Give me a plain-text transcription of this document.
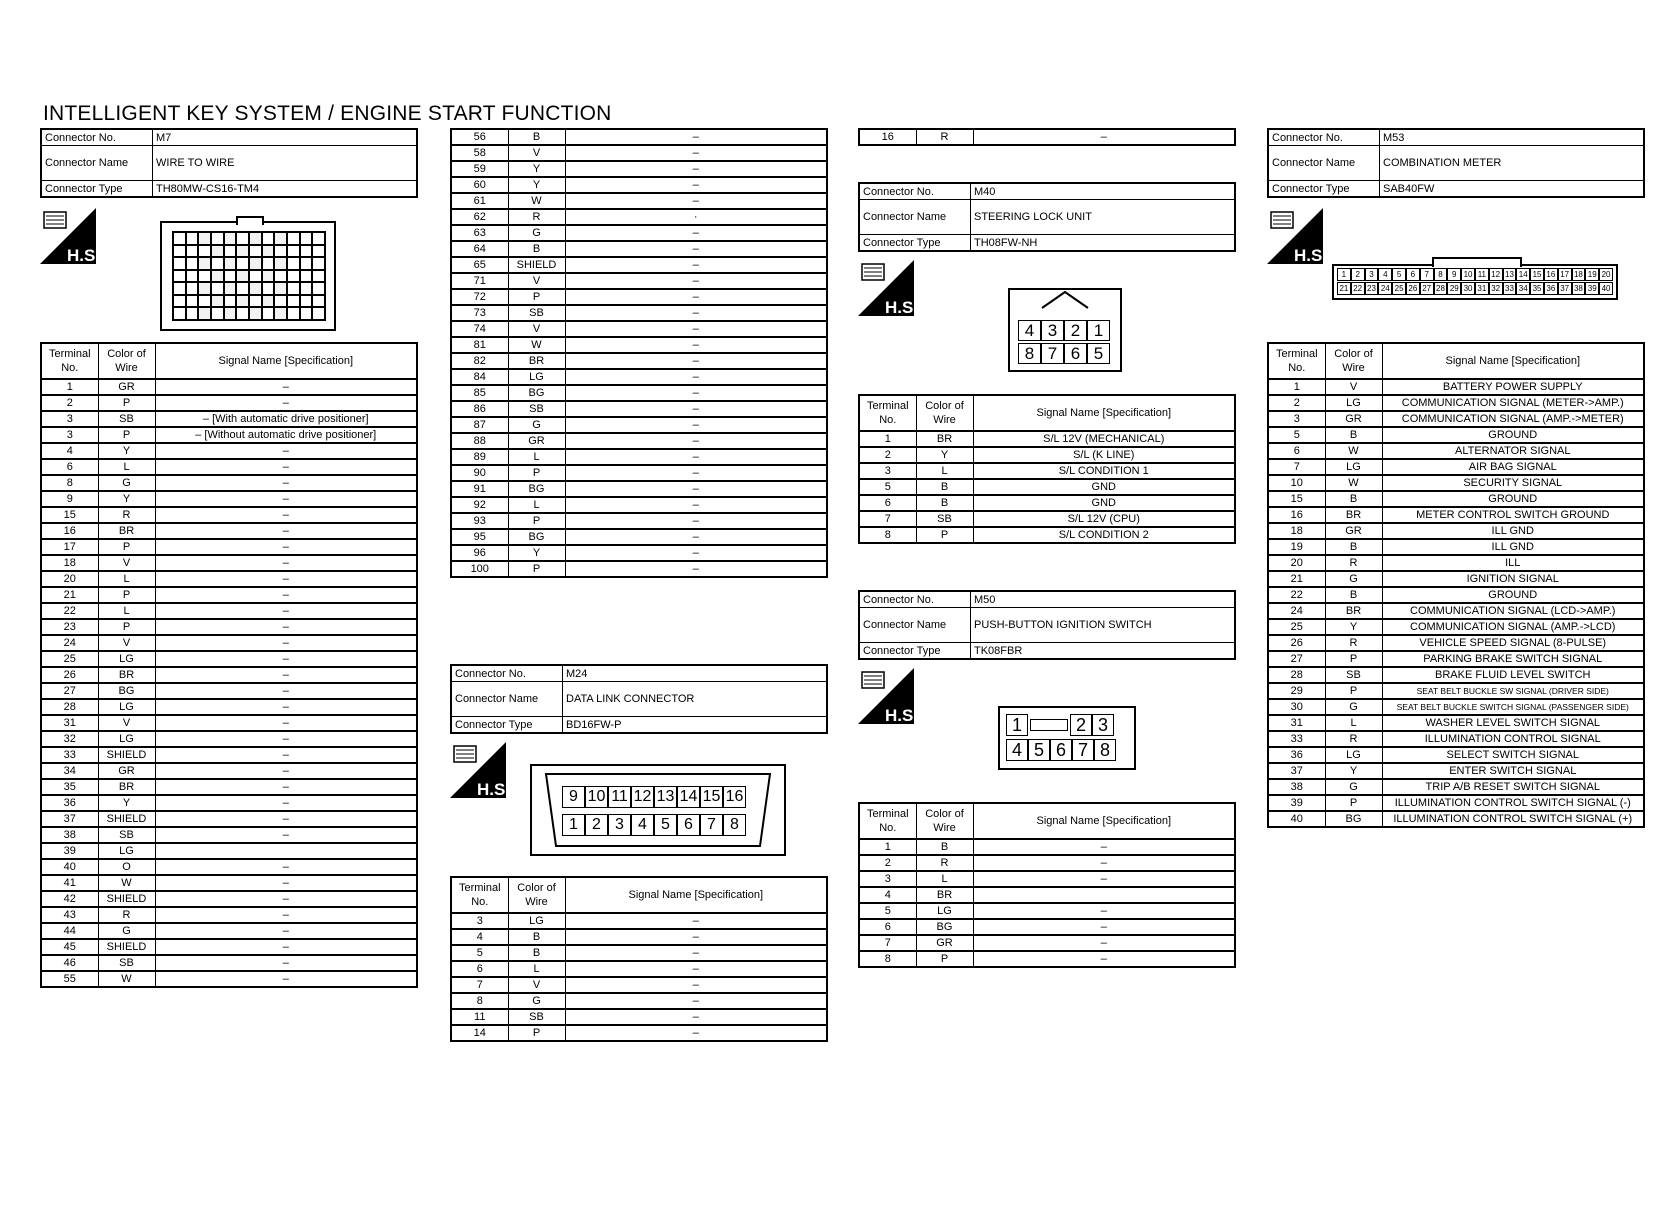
INTELLIGENT KEY SYSTEM / ENGINE START FUNCTION
Connector No.	M7
Connector Name	WIRE TO WIRE
Connector Type	TH80MW-CS16-TM4
H.S.
Terminal No.	Color of Wire	Signal Name [Specification]
1	GR	–
2	P	–
3	SB	– [With automatic drive positioner]
3	P	– [Without automatic drive positioner]
4	Y	–
6	L	–
8	G	–
9	Y	–
15	R	–
16	BR	–
17	P	–
18	V	–
20	L	–
21	P	–
22	L	–
23	P	–
24	V	–
25	LG	–
26	BR	–
27	BG	–
28	LG	–
31	V	–
32	LG	–
33	SHIELD	–
34	GR	–
35	BR	–
36	Y	–
37	SHIELD	–
38	SB	–
39	LG	
40	O	–
41	W	–
42	SHIELD	–
43	R	–
44	G	–
45	SHIELD	–
46	SB	–
55	W	–
56	B	–
58	V	–
59	Y	–
60	Y	–
61	W	–
62	R	·
63	G	–
64	B	–
65	SHIELD	–
71	V	–
72	P	–
73	SB	–
74	V	–
81	W	–
82	BR	–
84	LG	–
85	BG	–
86	SB	–
87	G	–
88	GR	–
89	L	–
90	P	–
91	BG	–
92	L	–
93	P	–
95	BG	–
96	Y	–
100	P	–
Connector No.	M24
Connector Name	DATA LINK CONNECTOR
Connector Type	BD16FW-P
H.S.	9 10 11 12 13 14 15 16
1 2 3 4 5 6 7 8
Terminal No.	Color of Wire	Signal Name [Specification]
3	LG	–
4	B	–
5	B	–
6	L	–
7	V	–
8	G	–
11	SB	–
14	P	–
16	R	–
Connector No.	M40
Connector Name	STEERING LOCK UNIT
Connector Type	TH08FW-NH
H.S.
4 3 2 1
8 7 6 5
Terminal No.	Color of Wire	Signal Name [Specification]
1	BR	S/L 12V (MECHANICAL)
2	Y	S/L (K LINE)
3	L	S/L CONDITION 1
5	B	GND
6	B	GND
7	SB	S/L 12V (CPU)
8	P	S/L CONDITION 2
Connector No.	M50
Connector Name	PUSH-BUTTON IGNITION SWITCH
Connector Type	TK08FBR
H.S.	1	2 3
4 5 6 7 8
Terminal No.	Color of Wire	Signal Name [Specification]
1	B	–
2	R	–
3	L	–
4	BR	
5	LG	–
6	BG	–
7	GR	–
8	P	–
Connector No.	M53
Connector Name	COMBINATION METER
Connector Type	SAB40FW
H.S.
1	2	3	4	5	6	7	8	9 10 11 12 13 14 15 16 17 18 19 20
21 22 23 24 25 26 27 28 29 30 31 32 33 34 35 36 37 38 39 40
Terminal No.	Color of Wire	Signal Name [Specification]
1	V	BATTERY POWER SUPPLY
2	LG	COMMUNICATION SIGNAL (METER->AMP.)
3	GR	COMMUNICATION SIGNAL (AMP.->METER)
5	B	GROUND
6	W	ALTERNATOR SIGNAL
7	LG	AIR BAG SIGNAL
10	W	SECURITY SIGNAL
15	B	GROUND
16	BR	METER CONTROL SWITCH GROUND
18	GR	ILL GND
19	B	ILL GND
20	R	ILL
21	G	IGNITION SIGNAL
22	B	GROUND
24	BR	COMMUNICATION SIGNAL (LCD->AMP.)
25	Y	COMMUNICATION SIGNAL (AMP.->LCD)
26	R	VEHICLE SPEED SIGNAL (8-PULSE)
27	P	PARKING BRAKE SWITCH SIGNAL
28	SB	BRAKE FLUID LEVEL SWITCH
29	P	SEAT BELT BUCKLE SW SIGNAL (DRIVER SIDE)
30	G	SEAT BELT BUCKLE SWITCH SIGNAL (PASSENGER SIDE)
31	L	WASHER LEVEL SWITCH SIGNAL
33	R	ILLUMINATION CONTROL SIGNAL
36	LG	SELECT SWITCH SIGNAL
37	Y	ENTER SWITCH SIGNAL
38	G	TRIP A/B RESET SWITCH SIGNAL
39	P	ILLUMINATION CONTROL SWITCH SIGNAL (-)
40	BG	ILLUMINATION CONTROL SWITCH SIGNAL (+)
